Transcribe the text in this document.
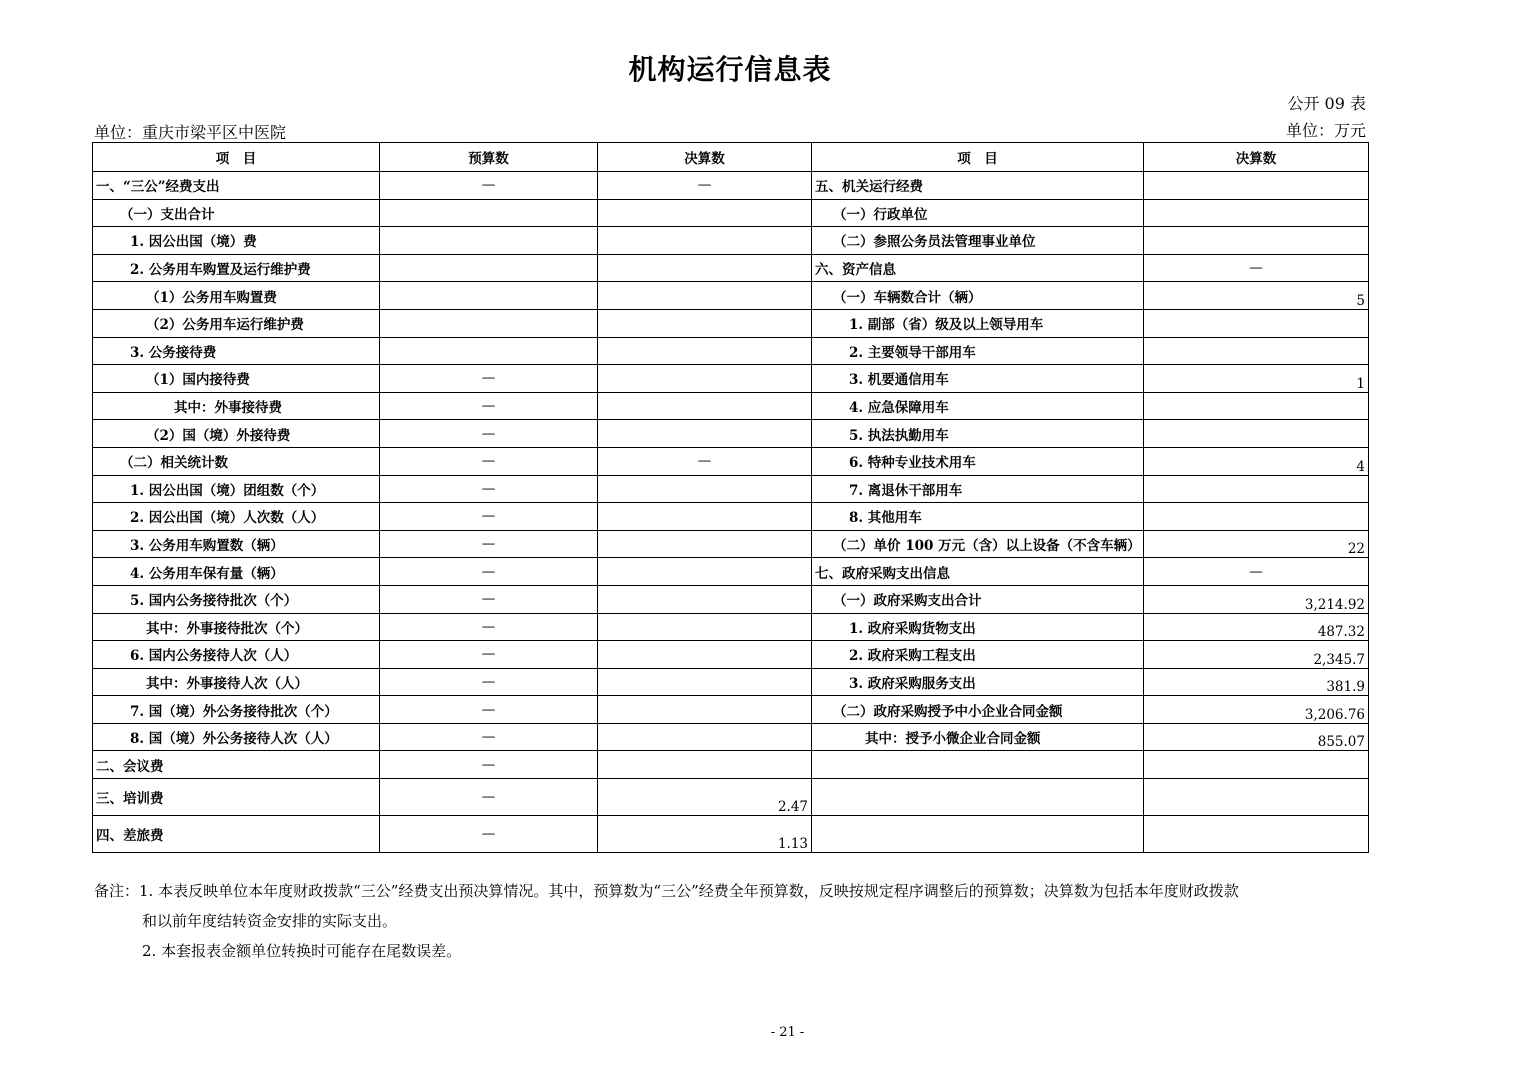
机构运行信息表
公开 09 表
单位：重庆市梁平区中医院	单位：万元
项　目	预算数	决算数	项　目	决算数
一、“三公”经费支出	—	—	五、机关运行经费	
（一）支出合计			（一）行政单位	
1. 因公出国（境）费			（二）参照公务员法管理事业单位	
2. 公务用车购置及运行维护费			六、资产信息	—
（1）公务用车购置费			（一）车辆数合计（辆）	5
（2）公务用车运行维护费			1. 副部（省）级及以上领导用车	
3. 公务接待费			2. 主要领导干部用车	
（1）国内接待费	—		3. 机要通信用车	1
其中：外事接待费	—		4. 应急保障用车	
（2）国（境）外接待费	—		5. 执法执勤用车	
（二）相关统计数	—	—	6. 特种专业技术用车	4
1. 因公出国（境）团组数（个）	—		7. 离退休干部用车	
2. 因公出国（境）人次数（人）	—		8. 其他用车	
3. 公务用车购置数（辆）	—		（二）单价 100 万元（含）以上设备（不含车辆）	22
4. 公务用车保有量（辆）	—		七、政府采购支出信息	—
5. 国内公务接待批次（个）	—		（一）政府采购支出合计	3,214.92
其中：外事接待批次（个）	—		1. 政府采购货物支出	487.32
6. 国内公务接待人次（人）	—		2. 政府采购工程支出	2,345.7
其中：外事接待人次（人）	—		3. 政府采购服务支出	381.9
7. 国（境）外公务接待批次（个）	—		（二）政府采购授予中小企业合同金额	3,206.76
8. 国（境）外公务接待人次（人）	—		其中：授予小微企业合同金额	855.07
二、会议费	—			
三、培训费	—	2.47		
四、差旅费	—	1.13		
备注：1. 本表反映单位本年度财政拨款“三公”经费支出预决算情况。其中，预算数为“三公”经费全年预算数，反映按规定程序调整后的预算数；决算数为包括本年度财政拨款
和以前年度结转资金安排的实际支出。
2. 本套报表金额单位转换时可能存在尾数误差。
- 21 -
